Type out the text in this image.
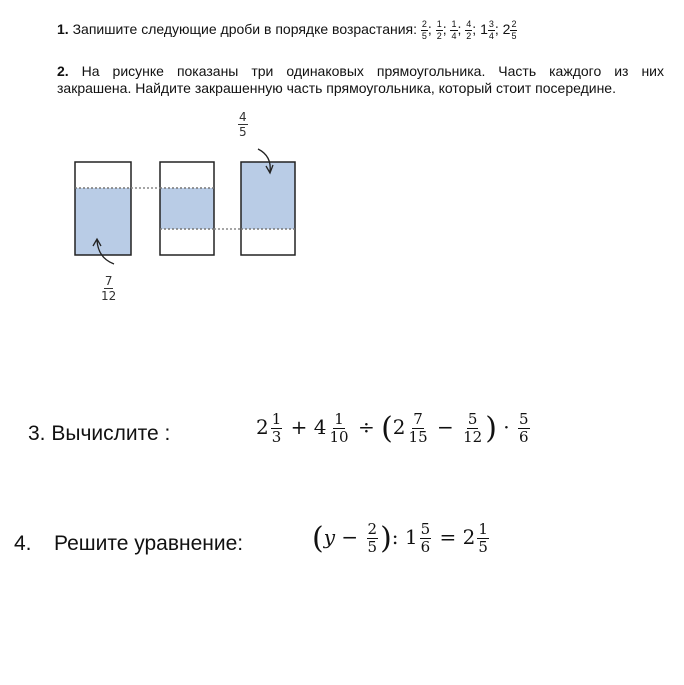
1. Запишите следующие дроби в порядке возрастания: $\frac{2}{5}$ ; $\frac{1}{2}$ ; $\frac{1}{4}$ ; $\frac{4}{2}$ ; $1 \frac{3}{4}$ ; $2 \frac{2}{5}$
2. На рисунке показаны три одинаковых прямоугольника. Часть каждого из них
закрашена. Найдите закрашенную часть прямоугольника, который стоит посередине.
$\frac{4}{5}$
$\frac{7}{12}$
3. Вычислите :	$2 \frac{1}{3} + 4 \frac{1}{10} \div (2 \frac{7}{15} - \frac{5}{12}$ ) · $\frac{5}{6}$
4. Решите уравнение: ($y - \frac{2}{5}$ ): $1 \frac{5}{6} = 2 \frac{1}{5}$
